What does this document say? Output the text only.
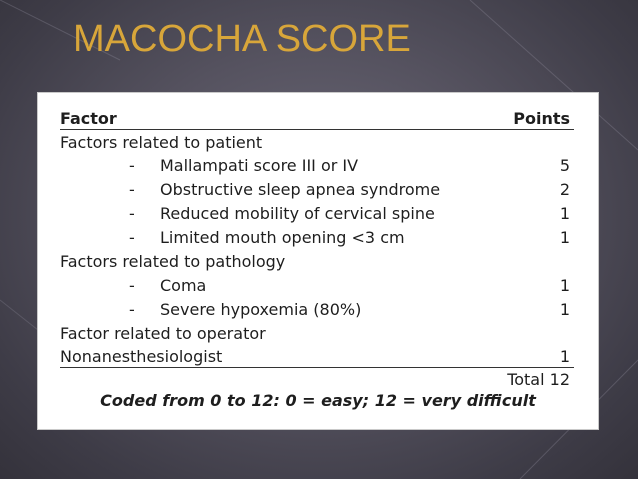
MACOCHA SCORE
Factor	Points
Factors related to patient
- Mallampati score III or IV	5
- Obstructive sleep apnea syndrome	2
- Reduced mobility of cervical spine	1
- Limited mouth opening <3 cm	1
Factors related to pathology
- Coma	1
- Severe hypoxemia (80%)	1
Factor related to operator
Nonanesthesiologist	1
Total 12
Coded from 0 to 12: 0 = easy; 12 = very difficult
